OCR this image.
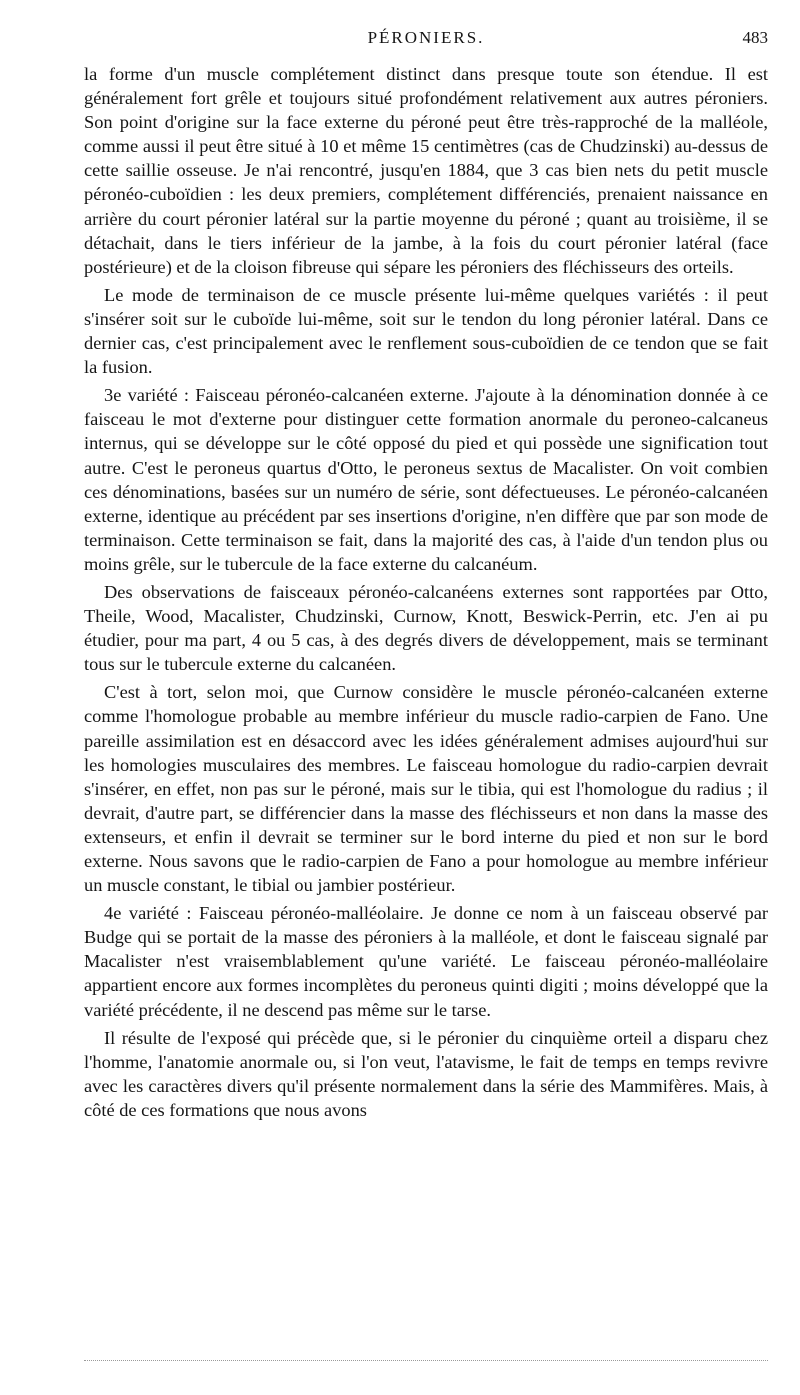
PÉRONIERS.	483

la forme d'un muscle complétement distinct dans presque toute son étendue. Il est généralement fort grêle et toujours situé profondément relativement aux autres péroniers. Son point d'origine sur la face externe du péroné peut être très-rapproché de la malléole, comme aussi il peut être situé à 10 et même 15 centimètres (cas de Chudzinski) au-dessus de cette saillie osseuse. Je n'ai rencontré, jusqu'en 1884, que 3 cas bien nets du petit muscle péronéo-cuboïdien : les deux premiers, complétement différenciés, prenaient naissance en arrière du court péronier latéral sur la partie moyenne du péroné ; quant au troisième, il se détachait, dans le tiers inférieur de la jambe, à la fois du court péronier latéral (face postérieure) et de la cloison fibreuse qui sépare les péroniers des fléchisseurs des orteils.

Le mode de terminaison de ce muscle présente lui-même quelques variétés : il peut s'insérer soit sur le cuboïde lui-même, soit sur le tendon du long péronier latéral. Dans ce dernier cas, c'est principalement avec le renflement sous-cuboïdien de ce tendon que se fait la fusion.

3e variété : Faisceau péronéo-calcanéen externe. J'ajoute à la dénomination donnée à ce faisceau le mot d'externe pour distinguer cette formation anormale du peroneo-calcaneus internus, qui se développe sur le côté opposé du pied et qui possède une signification tout autre. C'est le peroneus quartus d'Otto, le peroneus sextus de Macalister. On voit combien ces dénominations, basées sur un numéro de série, sont défectueuses. Le péronéo-calcanéen externe, identique au précédent par ses insertions d'origine, n'en diffère que par son mode de terminaison. Cette terminaison se fait, dans la majorité des cas, à l'aide d'un tendon plus ou moins grêle, sur le tubercule de la face externe du calcanéum.

Des observations de faisceaux péronéo-calcanéens externes sont rapportées par Otto, Theile, Wood, Macalister, Chudzinski, Curnow, Knott, Beswick-Perrin, etc. J'en ai pu étudier, pour ma part, 4 ou 5 cas, à des degrés divers de développement, mais se terminant tous sur le tubercule externe du calcanéen.

C'est à tort, selon moi, que Curnow considère le muscle péronéo-calcanéen externe comme l'homologue probable au membre inférieur du muscle radio-carpien de Fano. Une pareille assimilation est en désaccord avec les idées généralement admises aujourd'hui sur les homologies musculaires des membres. Le faisceau homologue du radio-carpien devrait s'insérer, en effet, non pas sur le péroné, mais sur le tibia, qui est l'homologue du radius ; il devrait, d'autre part, se différencier dans la masse des fléchisseurs et non dans la masse des extenseurs, et enfin il devrait se terminer sur le bord interne du pied et non sur le bord externe. Nous savons que le radio-carpien de Fano a pour homologue au membre inférieur un muscle constant, le tibial ou jambier postérieur.

4e variété : Faisceau péronéo-malléolaire. Je donne ce nom à un faisceau observé par Budge qui se portait de la masse des péroniers à la malléole, et dont le faisceau signalé par Macalister n'est vraisemblablement qu'une variété. Le faisceau péronéo-malléolaire appartient encore aux formes incomplètes du peroneus quinti digiti ; moins développé que la variété précédente, il ne descend pas même sur le tarse.

Il résulte de l'exposé qui précède que, si le péronier du cinquième orteil a disparu chez l'homme, l'anatomie anormale ou, si l'on veut, l'atavisme, le fait de temps en temps revivre avec les caractères divers qu'il présente normalement dans la série des Mammifères. Mais, à côté de ces formations que nous avons
